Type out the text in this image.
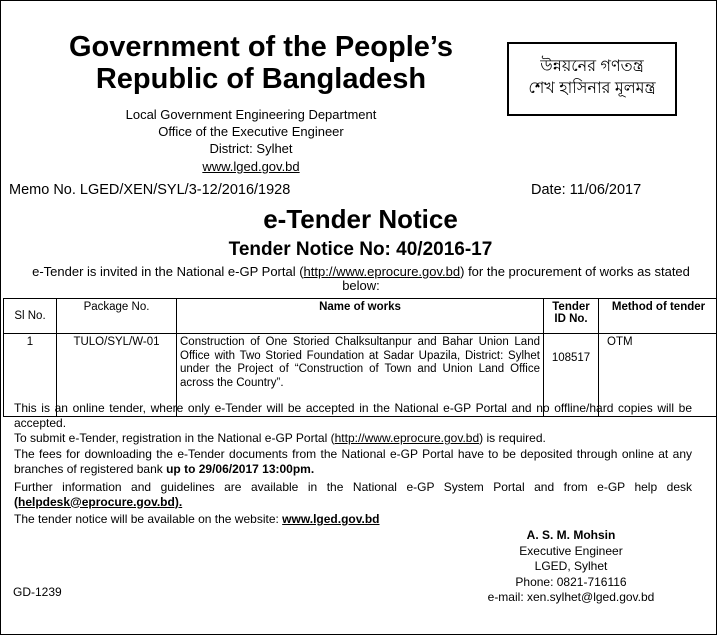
Government of the People’s
Republic of Bangladesh
Local Government Engineering Department
Office of the Executive Engineer
District: Sylhet
www.lged.gov.bd
উন্নয়নের গণতন্ত্র
শেখ হাসিনার মূলমন্ত্র
Memo No. LGED/XEN/SYL/3-12/2016/1928	Date: 11/06/2017
e-Tender Notice
Tender Notice No: 40/2016-17
e-Tender is invited in the National e-GP Portal (http://www.eprocure.gov.bd) for the procurement of works as stated below:
Sl No.	Package No.	Name of works	Tender ID No.	Method of tender
1	TULO/SYL/W-01	Construction of One Storied Chalksultanpur and Bahar Union Land Office with Two Storied Foundation at Sadar Upazila, District: Sylhet under the Project of “Construction of Town and Union Land Office across the Country”.	108517	OTM
This is an online tender, where only e-Tender will be accepted in the National e-GP Portal and no offline/hard copies will be accepted.
To submit e-Tender, registration in the National e-GP Portal (http://www.eprocure.gov.bd) is required.
The fees for downloading the e-Tender documents from the National e-GP Portal have to be deposited through online at any branches of registered bank up to 29/06/2017 13:00pm.
Further information and guidelines are available in the National e-GP System Portal and from e-GP help desk (helpdesk@eprocure.gov.bd).
The tender notice will be available on the website: www.lged.gov.bd
A. S. M. Mohsin
Executive Engineer
LGED, Sylhet
Phone: 0821-716116
e-mail: xen.sylhet@lged.gov.bd
GD-1239
